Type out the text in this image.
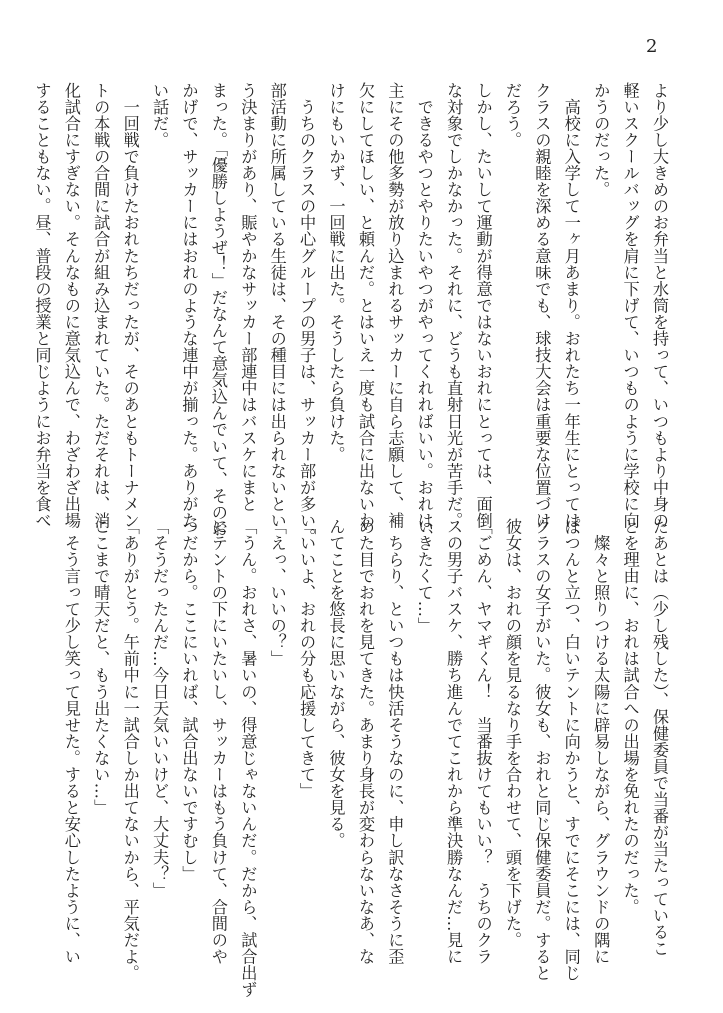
2
より少し大きめのお弁当と水筒を持って、いつもより中身の
軽いスクールバッグを肩に下げて、いつものように学校に向
かうのだった。
　高校に入学して一ヶ月あまり。おれたち一年生にとっては、
クラスの親睦を深める意味でも、球技大会は重要な位置づけ
だろう。
しかし、たいして運動が得意ではないおれにとっては、面倒
な対象でしかなかった。それに、どうも直射日光が苦手だ。
　できるやつとやりたいやつがやってくれればいい。おれは、
主にその他多勢が放り込まれるサッカーに自ら志願して、補
欠にしてほしい、と頼んだ。とはいえ一度も試合に出ないわ
けにもいかず、一回戦に出た。そうしたら負けた。
　うちのクラスの中心グループの男子は、サッカー部が多い。
部活動に所属している生徒は、その種目には出られないとい
う決まりがあり、賑やかなサッカー部連中はバスケにまと
まった。「優勝しようぜ！」だなんて意気込んでいて、そのお
かげで、サッカーにはおれのような連中が揃った。ありがた
い話だ。
　一回戦で負けたおれたちだったが、そのあともトーナメン
トの本戦の合間に試合が組み込まれていた。ただそれは、消
化試合にすぎない。そんなものに意気込んで、わざわざ出場
することもない。昼、普段の授業と同じようにお弁当を食べ
たあとは（少し残した）、保健委員で当番が当たっているこ
とを理由に、おれは試合への出場を免れたのだった。
　燦々と照りつける太陽に辟易しながら、グラウンドの隅に
ぽつんと立つ、白いテントに向かうと、すでにそこには、同じ
クラスの女子がいた。彼女も、おれと同じ保健委員だ。すると
彼女は、おれの顔を見るなり手を合わせて、頭を下げた。
「ごめん、ヤマギくん！　当番抜けてもいい？　うちのクラ
スの男子バスケ、勝ち進んでてこれから準決勝なんだ…見に
いきたくて…」
　ちらり、といつもは快活そうなのに、申し訳なさそうに歪
めた目でおれを見てきた。あまり身長が変わらないなあ、な
んてことを悠長に思いながら、彼女を見る。
「いいよ、おれの分も応援してきて」
「えっ、いいの？」
「うん。おれさ、暑いの、得意じゃないんだ。だから、試合出ず
にテントの下にいたいし、サッカーはもう負けて、合間のや
つだから。ここにいれば、試合出ないですむし」
「そうだったんだ…今日天気いいけど、大丈夫？」
「ありがとう。午前中に一試合しか出てないから、平気だよ。
ここまで晴天だと、もう出たくない…」
　そう言って少し笑って見せた。すると安心したように、い
